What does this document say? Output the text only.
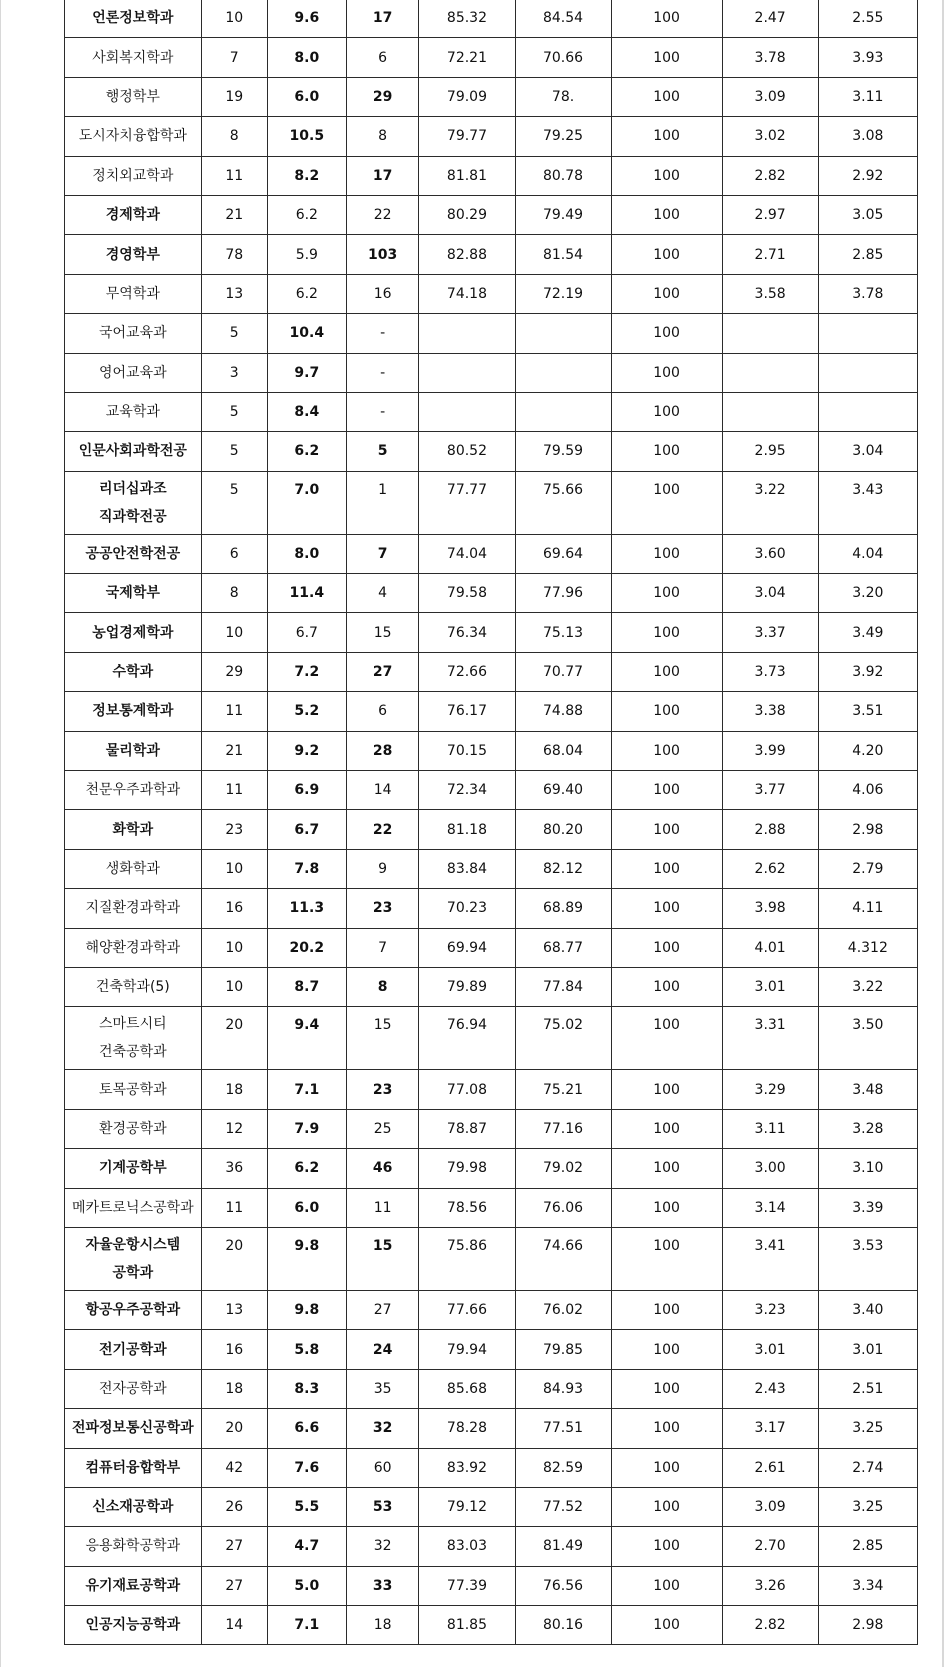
언론정보학과	10	9.6	17	85.32	84.54	100	2.47	2.55
사회복지학과	7	8.0	6	72.21	70.66	100	3.78	3.93
행정학부	19	6.0	29	79.09	78.	100	3.09	3.11
도시자치융합학과	8	10.5	8	79.77	79.25	100	3.02	3.08
정치외교학과	11	8.2	17	81.81	80.78	100	2.82	2.92
경제학과	21	6.2	22	80.29	79.49	100	2.97	3.05
경영학부	78	5.9	103	82.88	81.54	100	2.71	2.85
무역학과	13	6.2	16	74.18	72.19	100	3.58	3.78
국어교육과	5	10.4	-			100		
영어교육과	3	9.7	-			100		
교육학과	5	8.4	-			100		
인문사회과학전공	5	6.2	5	80.52	79.59	100	2.95	3.04
리더십과조
직과학전공	5	7.0	1	77.77	75.66	100	3.22	3.43
공공안전학전공	6	8.0	7	74.04	69.64	100	3.60	4.04
국제학부	8	11.4	4	79.58	77.96	100	3.04	3.20
농업경제학과	10	6.7	15	76.34	75.13	100	3.37	3.49
수학과	29	7.2	27	72.66	70.77	100	3.73	3.92
정보통계학과	11	5.2	6	76.17	74.88	100	3.38	3.51
물리학과	21	9.2	28	70.15	68.04	100	3.99	4.20
천문우주과학과	11	6.9	14	72.34	69.40	100	3.77	4.06
화학과	23	6.7	22	81.18	80.20	100	2.88	2.98
생화학과	10	7.8	9	83.84	82.12	100	2.62	2.79
지질환경과학과	16	11.3	23	70.23	68.89	100	3.98	4.11
해양환경과학과	10	20.2	7	69.94	68.77	100	4.01	4.312
건축학과(5)	10	8.7	8	79.89	77.84	100	3.01	3.22
스마트시티
건축공학과	20	9.4	15	76.94	75.02	100	3.31	3.50
토목공학과	18	7.1	23	77.08	75.21	100	3.29	3.48
환경공학과	12	7.9	25	78.87	77.16	100	3.11	3.28
기계공학부	36	6.2	46	79.98	79.02	100	3.00	3.10
메카트로닉스공학과	11	6.0	11	78.56	76.06	100	3.14	3.39
자율운항시스템
공학과	20	9.8	15	75.86	74.66	100	3.41	3.53
항공우주공학과	13	9.8	27	77.66	76.02	100	3.23	3.40
전기공학과	16	5.8	24	79.94	79.85	100	3.01	3.01
전자공학과	18	8.3	35	85.68	84.93	100	2.43	2.51
전파정보통신공학과	20	6.6	32	78.28	77.51	100	3.17	3.25
컴퓨터융합학부	42	7.6	60	83.92	82.59	100	2.61	2.74
신소재공학과	26	5.5	53	79.12	77.52	100	3.09	3.25
응용화학공학과	27	4.7	32	83.03	81.49	100	2.70	2.85
유기재료공학과	27	5.0	33	77.39	76.56	100	3.26	3.34
인공지능공학과	14	7.1	18	81.85	80.16	100	2.82	2.98
